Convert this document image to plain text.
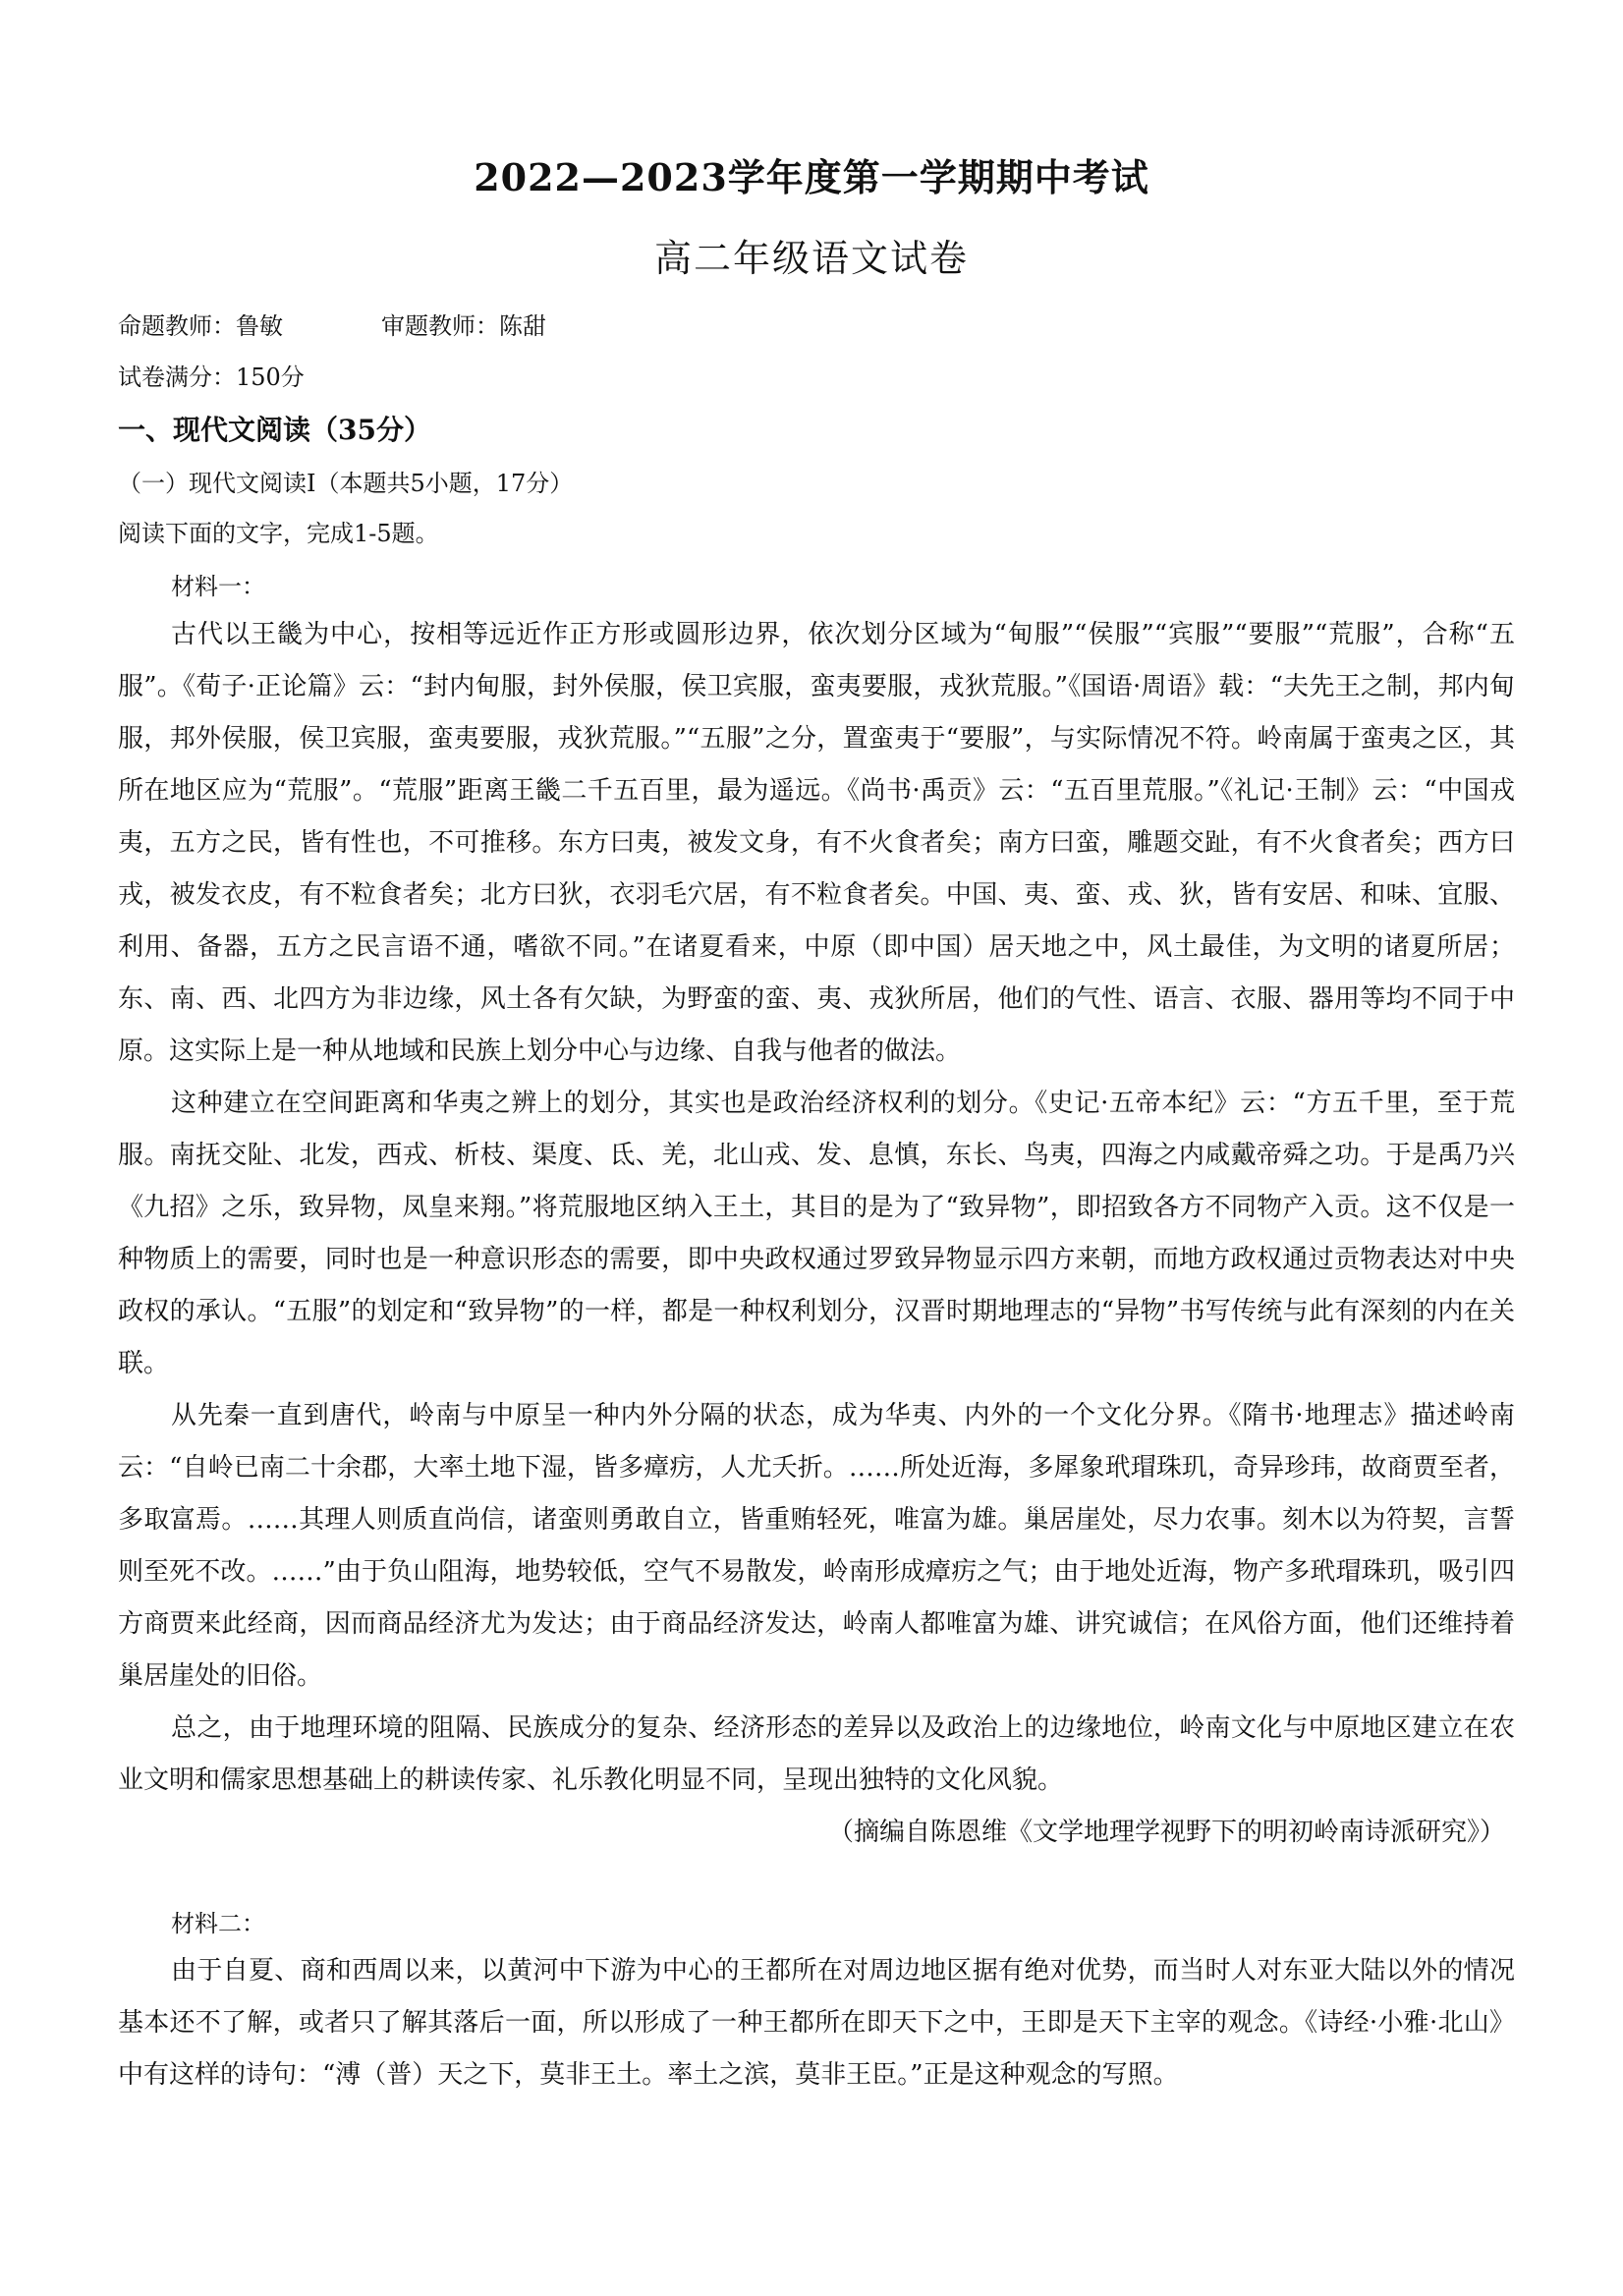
2022—2023学年度第一学期期中考试
高二年级语文试卷
命题教师：鲁敏	审题教师：陈甜
试卷满分：150分
一、现代文阅读（35分）
（一）现代文阅读Ⅰ（本题共5小题，17分）
阅读下面的文字，完成1-5题。
材料一：

古代以王畿为中心，按相等远近作正方形或圆形边界，依次划分区域为“甸服”“侯服”“宾服”“要服”“荒服”，合称“五服”。《荀子·正论篇》云：“封内甸服，封外侯服，侯卫宾服，蛮夷要服，戎狄荒服。”《国语·周语》载：“夫先王之制，邦内甸服，邦外侯服，侯卫宾服，蛮夷要服，戎狄荒服。”“五服”之分，置蛮夷于“要服”，与实际情况不符。岭南属于蛮夷之区，其所在地区应为“荒服”。“荒服”距离王畿二千五百里，最为遥远。《尚书·禹贡》云：“五百里荒服。”《礼记·王制》云：“中国戎夷，五方之民，皆有性也，不可推移。东方曰夷，被发文身，有不火食者矣；南方曰蛮，雕题交趾，有不火食者矣；西方曰戎，被发衣皮，有不粒食者矣；北方曰狄，衣羽毛穴居，有不粒食者矣。中国、夷、蛮、戎、狄，皆有安居、和味、宜服、利用、备器，五方之民言语不通，嗜欲不同。”在诸夏看来，中原（即中国）居天地之中，风土最佳，为文明的诸夏所居；东、南、西、北四方为非边缘，风土各有欠缺，为野蛮的蛮、夷、戎狄所居，他们的气性、语言、衣服、器用等均不同于中原。这实际上是一种从地域和民族上划分中心与边缘、自我与他者的做法。

这种建立在空间距离和华夷之辨上的划分，其实也是政治经济权利的划分。《史记·五帝本纪》云：“方五千里，至于荒服。南抚交阯、北发，西戎、析枝、渠度、氐、羌，北山戎、发、息慎，东长、鸟夷，四海之内咸戴帝舜之功。于是禹乃兴《九招》之乐，致异物，凤皇来翔。”将荒服地区纳入王土，其目的是为了“致异物”，即招致各方不同物产入贡。这不仅是一种物质上的需要，同时也是一种意识形态的需要，即中央政权通过罗致异物显示四方来朝，而地方政权通过贡物表达对中央政权的承认。“五服”的划定和“致异物”的一样，都是一种权利划分，汉晋时期地理志的“异物”书写传统与此有深刻的内在关联。

从先秦一直到唐代，岭南与中原呈一种内外分隔的状态，成为华夷、内外的一个文化分界。《隋书·地理志》描述岭南云：“自岭已南二十余郡，大率土地下湿，皆多瘴疠，人尤夭折。……所处近海，多犀象玳瑁珠玑，奇异珍玮，故商贾至者，多取富焉。……其理人则质直尚信，诸蛮则勇敢自立，皆重贿轻死，唯富为雄。巢居崖处，尽力农事。刻木以为符契，言誓则至死不改。……”由于负山阻海，地势较低，空气不易散发，岭南形成瘴疠之气；由于地处近海，物产多玳瑁珠玑，吸引四方商贾来此经商，因而商品经济尤为发达；由于商品经济发达，岭南人都唯富为雄、讲究诚信；在风俗方面，他们还维持着巢居崖处的旧俗。

总之，由于地理环境的阻隔、民族成分的复杂、经济形态的差异以及政治上的边缘地位，岭南文化与中原地区建立在农业文明和儒家思想基础上的耕读传家、礼乐教化明显不同，呈现出独特的文化风貌。

（摘编自陈恩维《文学地理学视野下的明初岭南诗派研究》）

材料二：

由于自夏、商和西周以来，以黄河中下游为中心的王都所在对周边地区据有绝对优势，而当时人对东亚大陆以外的情况基本还不了解，或者只了解其落后一面，所以形成了一种王都所在即天下之中，王即是天下主宰的观念。《诗经·小雅·北山》中有这样的诗句：“溥（普）天之下，莫非王土。率土之滨，莫非王臣。”正是这种观念的写照。
